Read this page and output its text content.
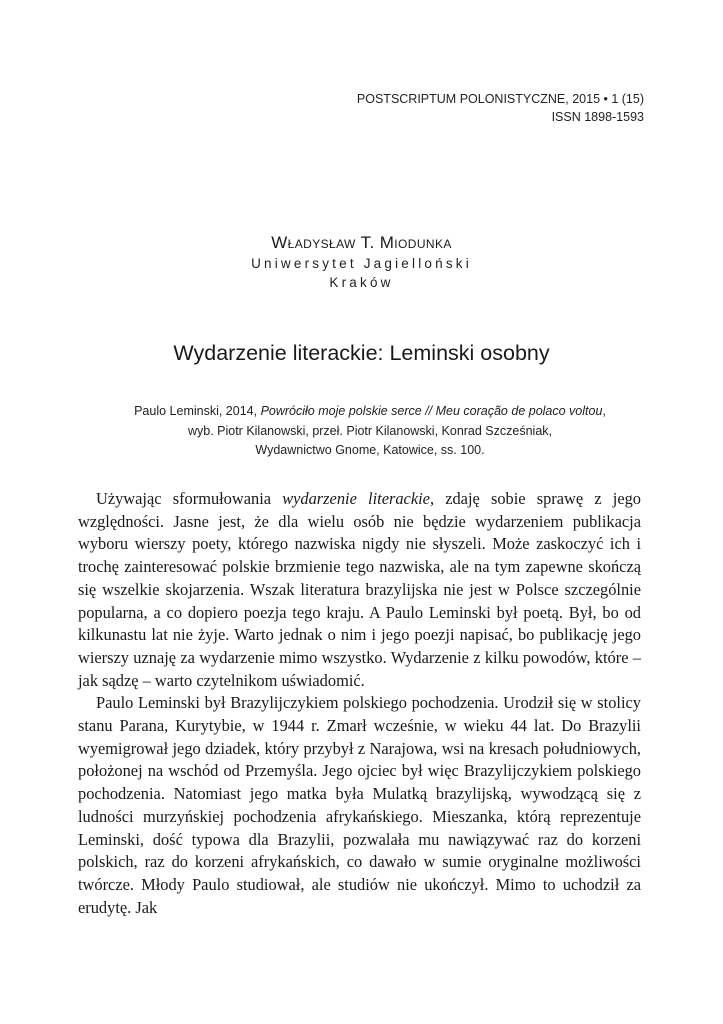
POSTSCRIPTUM POLONISTYCZNE, 2015 • 1 (15)
ISSN 1898-1593
Władysław T. Miodunka
Uniwersytet Jagielloński
Kraków
Wydarzenie literackie: Leminski osobny
Paulo Leminski, 2014, Powróciło moje polskie serce // Meu coração de polaco voltou,
wyb. Piotr Kilanowski, przeł. Piotr Kilanowski, Konrad Szcześniak,
Wydawnictwo Gnome, Katowice, ss. 100.

Używając sformułowania wydarzenie literackie, zdaję sobie sprawę z jego względności. Jasne jest, że dla wielu osób nie będzie wydarzeniem publikacja wyboru wierszy poety, którego nazwiska nigdy nie słyszeli. Może zaskoczyć ich i trochę zainteresować polskie brzmienie tego nazwiska, ale na tym zapewne skończą się wszelkie skojarzenia. Wszak literatura brazylijska nie jest w Polsce szczególnie popularna, a co dopiero poezja tego kraju. A Paulo Leminski był poetą. Był, bo od kilkunastu lat nie żyje. Warto jednak o nim i jego poezji napisać, bo publikację jego wierszy uznaję za wydarzenie mimo wszystko. Wydarzenie z kilku powodów, które – jak sądzę – warto czytelnikom uświadomić.

Paulo Leminski był Brazylijczykiem polskiego pochodzenia. Urodził się w stolicy stanu Parana, Kurytybie, w 1944 r. Zmarł wcześnie, w wieku 44 lat. Do Brazylii wyemigrował jego dziadek, który przybył z Narajowa, wsi na kresach południowych, położonej na wschód od Przemyśla. Jego ojciec był więc Brazylijczykiem polskiego pochodzenia. Natomiast jego matka była Mulatką brazylijską, wywodzącą się z ludności murzyńskiej pochodzenia afrykańskiego. Mieszanka, którą reprezentuje Leminski, dość typowa dla Brazylii, pozwalała mu nawiązywać raz do korzeni polskich, raz do korzeni afrykańskich, co dawało w sumie oryginalne możliwości twórcze. Młody Paulo studiował, ale studiów nie ukończył. Mimo to uchodził za erudytę. Jak
